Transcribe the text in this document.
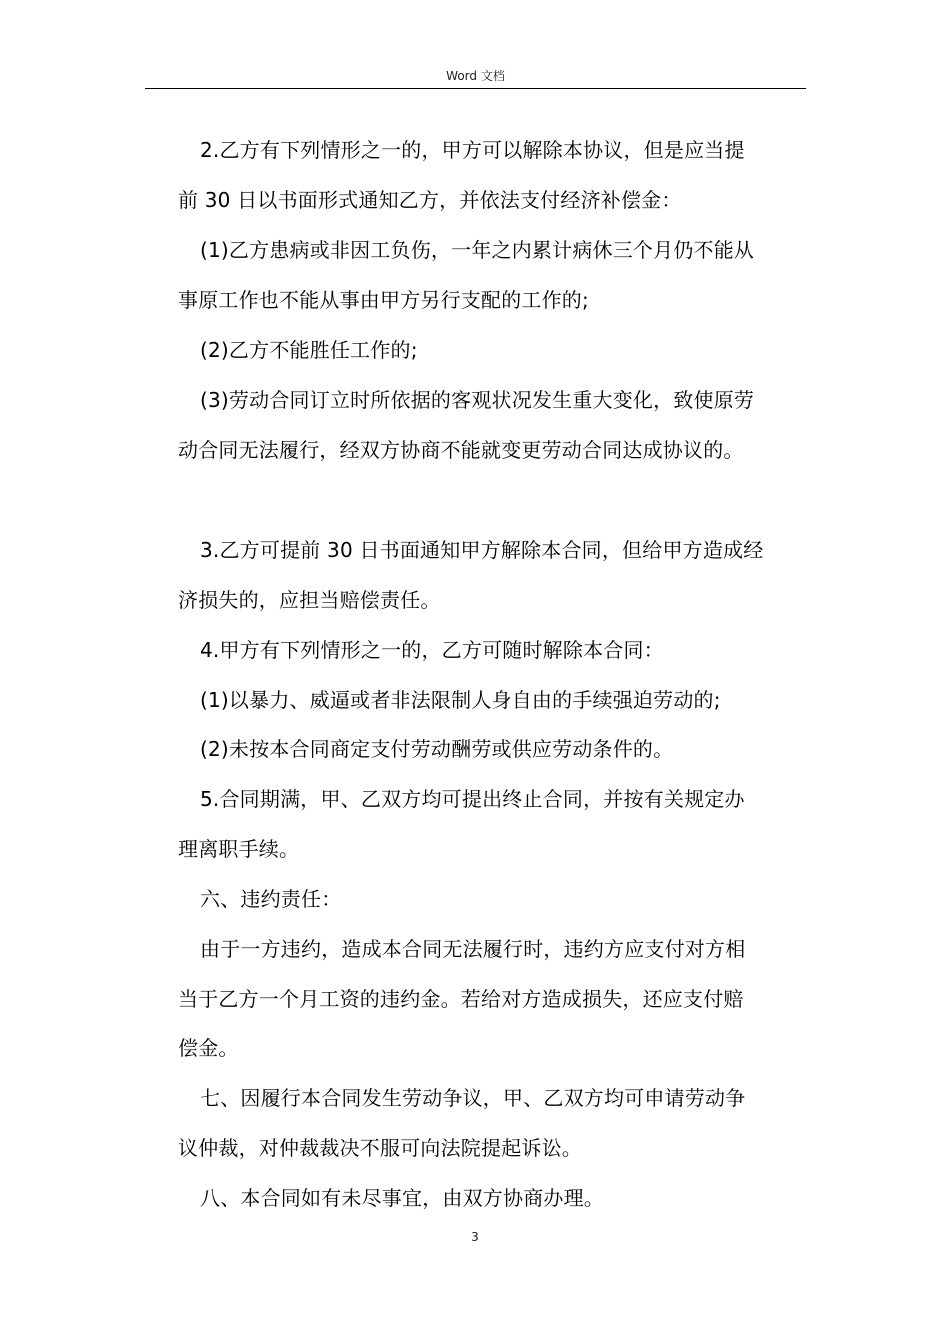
Word 文档
2.乙方有下列情形之一的，甲方可以解除本协议，但是应当提
前 30 日以书面形式通知乙方，并依法支付经济补偿金：
(1)乙方患病或非因工负伤，一年之内累计病休三个月仍不能从
事原工作也不能从事由甲方另行支配的工作的;
(2)乙方不能胜任工作的;
(3)劳动合同订立时所依据的客观状况发生重大变化，致使原劳
动合同无法履行，经双方协商不能就变更劳动合同达成协议的。
3.乙方可提前 30 日书面通知甲方解除本合同，但给甲方造成经
济损失的，应担当赔偿责任。
4.甲方有下列情形之一的，乙方可随时解除本合同：
(1)以暴力、威逼或者非法限制人身自由的手续强迫劳动的;
(2)未按本合同商定支付劳动酬劳或供应劳动条件的。
5.合同期满，甲、乙双方均可提出终止合同，并按有关规定办
理离职手续。
六、违约责任：
由于一方违约，造成本合同无法履行时，违约方应支付对方相
当于乙方一个月工资的违约金。若给对方造成损失，还应支付赔
偿金。
七、因履行本合同发生劳动争议，甲、乙双方均可申请劳动争
议仲裁，对仲裁裁决不服可向法院提起诉讼。
八、本合同如有未尽事宜，由双方协商办理。
3
